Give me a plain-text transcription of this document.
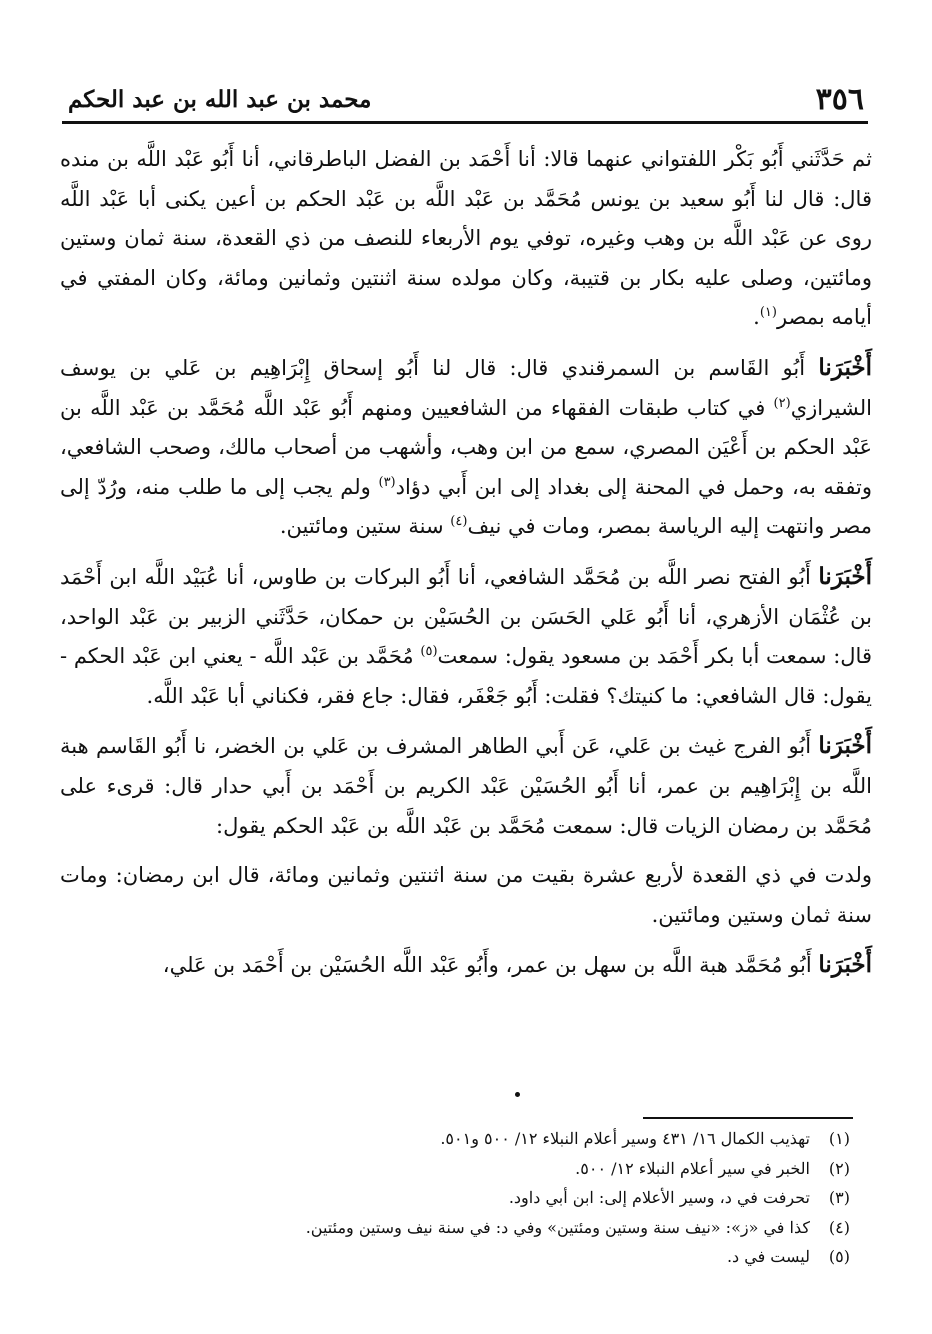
٣٥٦
محمد بن عبد الله بن عبد الحكم

ثم حَدَّثَني أَبُو بَكْر اللفتواني عنهما قالا: أنا أَحْمَد بن الفضل الباطرقاني، أنا أَبُو عَبْد اللَّه بن منده قال: قال لنا أَبُو سعيد بن يونس مُحَمَّد بن عَبْد اللَّه بن عَبْد الحكم بن أعين يكنى أبا عَبْد اللَّه روى عن عَبْد اللَّه بن وهب وغيره، توفي يوم الأربعاء للنصف من ذي القعدة، سنة ثمان وستين ومائتين، وصلى عليه بكار بن قتيبة، وكان مولده سنة اثنتين وثمانين ومائة، وكان المفتي في أيامه بمصر$^{(١)}$.

أَخْبَرَنا أَبُو القَاسم بن السمرقندي قال: قال لنا أَبُو إسحاق إِبْرَاهِيم بن عَلي بن يوسف الشيرازي$^{(٢)}$ في كتاب طبقات الفقهاء من الشافعيين ومنهم أَبُو عَبْد اللَّه مُحَمَّد بن عَبْد اللَّه بن عَبْد الحكم بن أَعْيَن المصري، سمع من ابن وهب، وأشهب من أصحاب مالك، وصحب الشافعي، وتفقه به، وحمل في المحنة إلى بغداد إلى ابن أَبي دؤاد$^{(٣)}$ ولم يجب إلى ما طلب منه، ورُدّ إلى مصر وانتهت إليه الرياسة بمصر، ومات في نيف$^{(٤)}$ سنة ستين ومائتين.

أَخْبَرَنا أَبُو الفتح نصر اللَّه بن مُحَمَّد الشافعي، أنا أَبُو البركات بن طاوس، أنا عُبَيْد اللَّه ابن أَحْمَد بن عُثْمَان الأزهري، أنا أَبُو عَلي الحَسَن بن الحُسَيْن بن حمكان، حَدَّثَني الزبير بن عَبْد الواحد، قال: سمعت أبا بكر أَحْمَد بن مسعود يقول: سمعت$^{(٥)}$ مُحَمَّد بن عَبْد اللَّه - يعني ابن عَبْد الحكم - يقول: قال الشافعي: ما كنيتك؟ فقلت: أَبُو جَعْفَر، فقال: جاع فقر، فكناني أبا عَبْد اللَّه.

أَخْبَرَنا أَبُو الفرج غيث بن عَلي، عَن أَبي الطاهر المشرف بن عَلي بن الخضر، نا أَبُو القَاسم هبة اللَّه بن إِبْرَاهِيم بن عمر، أنا أَبُو الحُسَيْن عَبْد الكريم بن أَحْمَد بن أَبي حدار قال: قرىء على مُحَمَّد بن رمضان الزيات قال: سمعت مُحَمَّد بن عَبْد اللَّه بن عَبْد الحكم يقول:

ولدت في ذي القعدة لأربع عشرة بقيت من سنة اثنتين وثمانين ومائة، قال ابن رمضان: ومات سنة ثمان وستين ومائتين.

أَخْبَرَنا أَبُو مُحَمَّد هبة اللَّه بن سهل بن عمر، وأَبُو عَبْد اللَّه الحُسَيْن بن أَحْمَد بن عَلي،

(١)تهذيب الكمال ١٦/ ٤٣١ وسير أعلام النبلاء ١٢/ ٥٠٠ و٥٠١.
(٢)الخبر في سير أعلام النبلاء ١٢/ ٥٠٠.
(٣)تحرفت في د، وسير الأعلام إلى: ابن أبي داود.
(٤)كذا في «ز»: «نيف سنة وستين ومئتين» وفي د: في سنة نيف وستين ومئتين.
(٥)ليست في د.
